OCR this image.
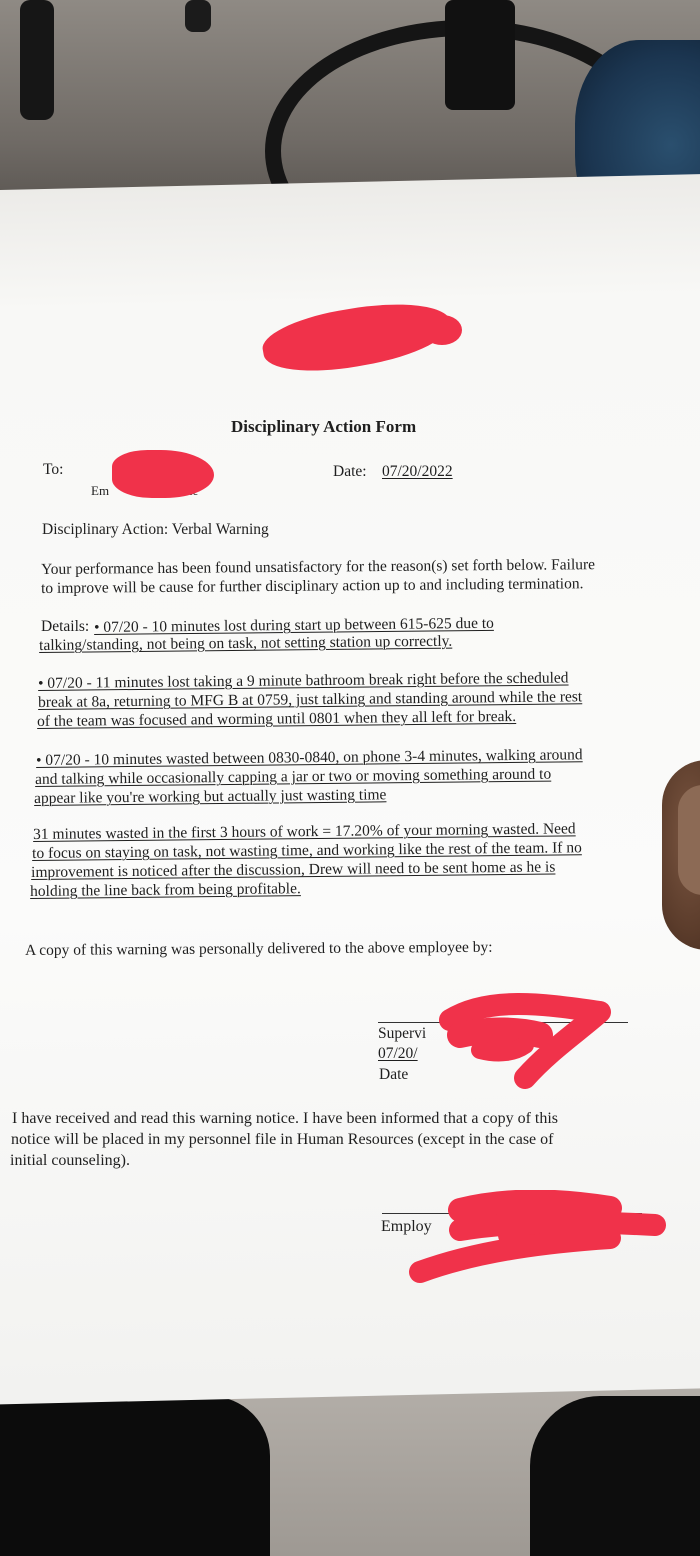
Disciplinary Action Form
To:
Em
Date: 07/20/2022
Disciplinary Action: Verbal Warning
Your performance has been found unsatisfactory for the reason(s) set forth below. Failure
to improve will be cause for further disciplinary action up to and including termination.
Details: • 07/20 - 10 minutes lost during start up between 615-625 due to
talking/standing, not being on task, not setting station up correctly.
• 07/20 - 11 minutes lost taking a 9 minute bathroom break right before the scheduled
break at 8a, returning to MFG B at 0759, just talking and standing around while the rest
of the team was focused and worming until 0801 when they all left for break.
• 07/20 - 10 minutes wasted between 0830-0840, on phone 3-4 minutes, walking around
and talking while occasionally capping a jar or two or moving something around to
appear like you're working but actually just wasting time
31 minutes wasted in the first 3 hours of work = 17.20% of your morning wasted. Need
to focus on staying on task, not wasting time, and working like the rest of the team. If no
improvement is noticed after the discussion, Drew will need to be sent home as he is
holding the line back from being profitable.
A copy of this warning was personally delivered to the above employee by:
Supervi
07/20/
Date
I have received and read this warning notice. I have been informed that a copy of this
notice will be placed in my personnel file in Human Resources (except in the case of
initial counseling).
Employ
